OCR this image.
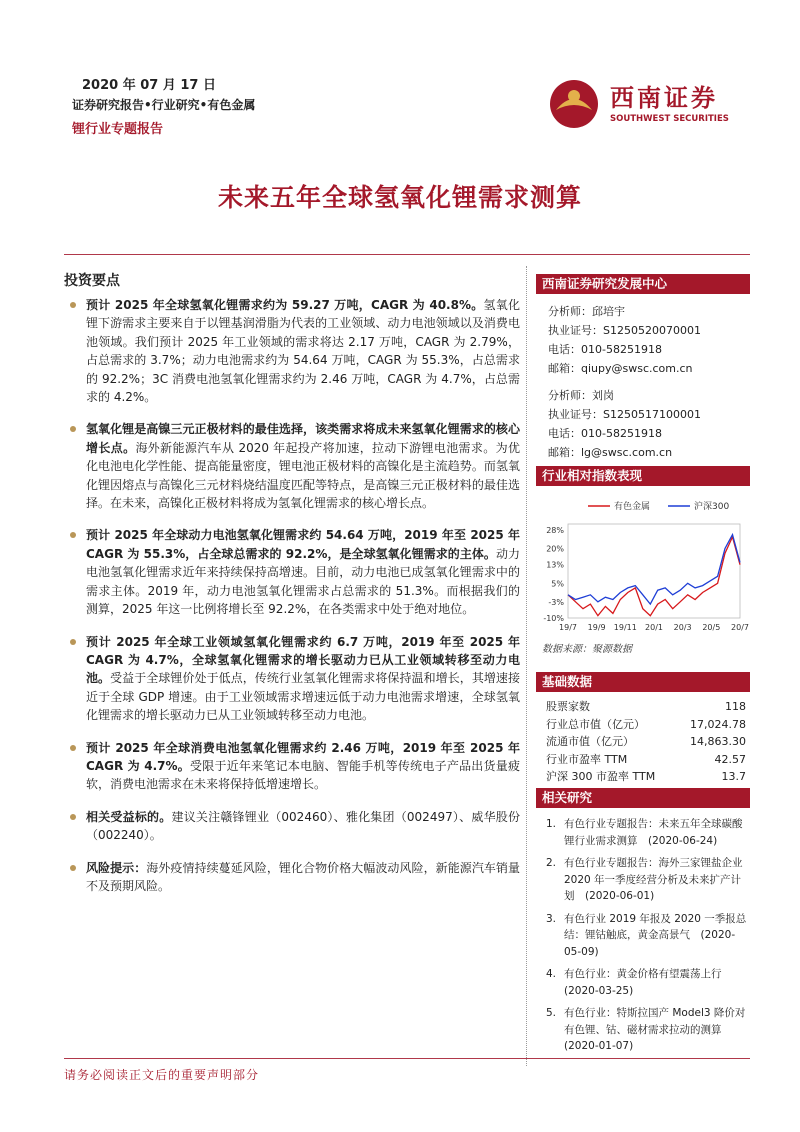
2020 年 07 月 17 日
证券研究报告•行业研究•有色金属
锂行业专题报告
西南证券
SOUTHWEST SECURITIES
未来五年全球氢氧化锂需求测算
投资要点
预计 2025 年全球氢氧化锂需求约为 59.27 万吨，CAGR 为 40.8%。氢氧化锂下游需求主要来自于以锂基润滑脂为代表的工业领域、动力电池领域以及消费电池领域。我们预计 2025 年工业领域的需求将达 2.17 万吨，CAGR 为 2.79%，占总需求的 3.7%；动力电池需求约为 54.64 万吨，CAGR 为 55.3%，占总需求的 92.2%；3C 消费电池氢氧化锂需求约为 2.46 万吨，CAGR 为 4.7%，占总需求的 4.2%。
氢氧化锂是高镍三元正极材料的最佳选择，该类需求将成未来氢氧化锂需求的核心增长点。海外新能源汽车从 2020 年起投产将加速，拉动下游锂电池需求。为优化电池电化学性能、提高能量密度，锂电池正极材料的高镍化是主流趋势。而氢氧化锂因熔点与高镍化三元材料烧结温度匹配等特点，是高镍三元正极材料的最佳选择。在未来，高镍化正极材料将成为氢氧化锂需求的核心增长点。
预计 2025 年全球动力电池氢氧化锂需求约 54.64 万吨，2019 年至 2025 年 CAGR 为 55.3%，占全球总需求的 92.2%，是全球氢氧化锂需求的主体。动力电池氢氧化锂需求近年来持续保持高增速。目前，动力电池已成氢氧化锂需求中的需求主体。2019 年，动力电池氢氧化锂需求占总需求的 51.3%。而根据我们的测算，2025 年这一比例将增长至 92.2%，在各类需求中处于绝对地位。
预计 2025 年全球工业领域氢氧化锂需求约 6.7 万吨，2019 年至 2025 年 CAGR 为 4.7%，全球氢氧化锂需求的增长驱动力已从工业领域转移至动力电池。受益于全球锂价处于低点，传统行业氢氧化锂需求将保持温和增长，其增速接近于全球 GDP 增速。由于工业领域需求增速远低于动力电池需求增速，全球氢氧化锂需求的增长驱动力已从工业领域转移至动力电池。
预计 2025 年全球消费电池氢氧化锂需求约 2.46 万吨，2019 年至 2025 年 CAGR 为 4.7%。受限于近年来笔记本电脑、智能手机等传统电子产品出货量疲软，消费电池需求在未来将保持低增速增长。
相关受益标的。建议关注赣锋锂业（002460）、雅化集团（002497）、威华股份（002240）。
风险提示：海外疫情持续蔓延风险，锂化合物价格大幅波动风险，新能源汽车销量不及预期风险。
西南证券研究发展中心
分析师：邱培宇
执业证号：S1250520070001
电话：010-58251918
邮箱：qiupy@swsc.com.cn
分析师：刘岗
执业证号：S1250517100001
电话：010-58251918
邮箱：lg@swsc.com.cn
行业相对指数表现
有色金属	沪深300
28%
20%
13%
5%
-3%
-10%
19/7 19/9 19/11 20/1 20/3 20/5 20/7
数据来源：聚源数据
基础数据
股票家数	118
行业总市值（亿元）	17,024.78
流通市值（亿元）	14,863.30
行业市盈率 TTM	42.57
沪深 300 市盈率 TTM	13.7
相关研究
1. 有色行业专题报告：未来五年全球碳酸锂行业需求测算　(2020-06-24)
2. 有色行业专题报告：海外三家锂盐企业 2020 年一季度经营分析及未来扩产计划　(2020-06-01)
3. 有色行业 2019 年报及 2020 一季报总结：锂钴触底，黄金高景气　(2020-05-09)
4. 有色行业：黄金价格有望震荡上行　(2020-03-25)
5. 有色行业：特斯拉国产 Model3 降价对有色锂、钴、磁材需求拉动的测算　(2020-01-07)
请务必阅读正文后的重要声明部分
